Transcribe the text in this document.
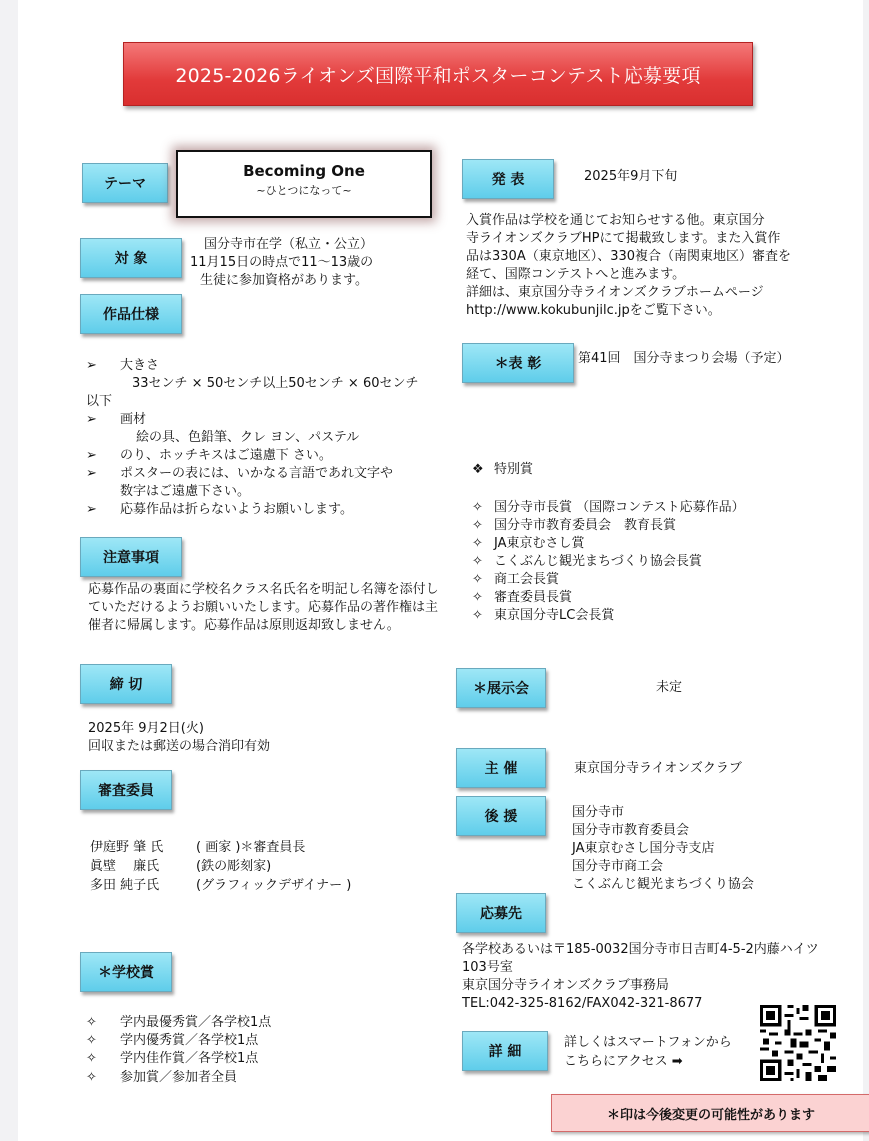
2025-2026ライオンズ国際平和ポスターコンテスト応募要項
テーマ
Becoming One
~ひとつになって~
対 象
国分寺市在学（私立・公立）
11月15日の時点で11～13歳の
生徒に参加資格があります。
作品仕様
➢ 大きさ
33センチ × 50センチ以上50センチ × 60センチ
以下
➢ 画材
絵の具、色鉛筆、クレ ヨン、パステル
➢ のり、ホッチキスはご遠慮下 さい。
➢ ポスターの表には、いかなる言語であれ文字や
数字はご遠慮下さい。
➢ 応募作品は折らないようお願いします。
注意事項
応募作品の裏面に学校名クラス名氏名を明記し名簿を添付していただけるようお願いいたします。応募作品の著作権は主催者に帰属します。応募作品は原則返却致しません。
締 切
2025年 9月2日(火)
回収または郵送の場合消印有効
審査委員
伊庭野 肇 氏	( 画家 )＊審査員長
眞壁　 廉氏	(鉄の彫刻家)
多田 純子氏	(グラフィックデザイナー )
＊学校賞
✧ 学内最優秀賞／各学校1点
✧ 学内優秀賞／各学校1点
✧ 学内佳作賞／各学校1点
✧ 参加賞／参加者全員
発 表	2025年9月下旬
入賞作品は学校を通じてお知らせする他。東京国分
寺ライオンズクラブHPにて掲載致します。また入賞作
品は330A（東京地区）、330複合（南関東地区）審査を
経て、国際コンテストへと進みます。
詳細は、東京国分寺ライオンズクラブホームページ
http://www.kokubunjilc.jpをご覧下さい。
＊表 彰	第41回　国分寺まつり会場（予定）
❖ 特別賞
✧ 国分寺市長賞 （国際コンテスト応募作品）
✧ 国分寺市教育委員会　教育長賞
✧ JA東京むさし賞
✧ こくぶんじ観光まちづくり協会長賞
✧ 商工会長賞
✧ 審査委員長賞
✧ 東京国分寺LC会長賞
＊展示会	未定
主 催	東京国分寺ライオンズクラブ
後 援	国分寺市
国分寺市教育委員会
JA東京むさし国分寺支店
国分寺市商工会
こくぶんじ観光まちづくり協会
応募先
各学校あるいは〒185-0032国分寺市日吉町4-5-2内藤ハイツ
103号室
東京国分寺ライオンズクラブ事務局
TEL:042-325-8162/FAX042-321-8677
詳 細
詳しくはスマートフォンから
こちらにアクセス ➡
＊印は今後変更の可能性があります
